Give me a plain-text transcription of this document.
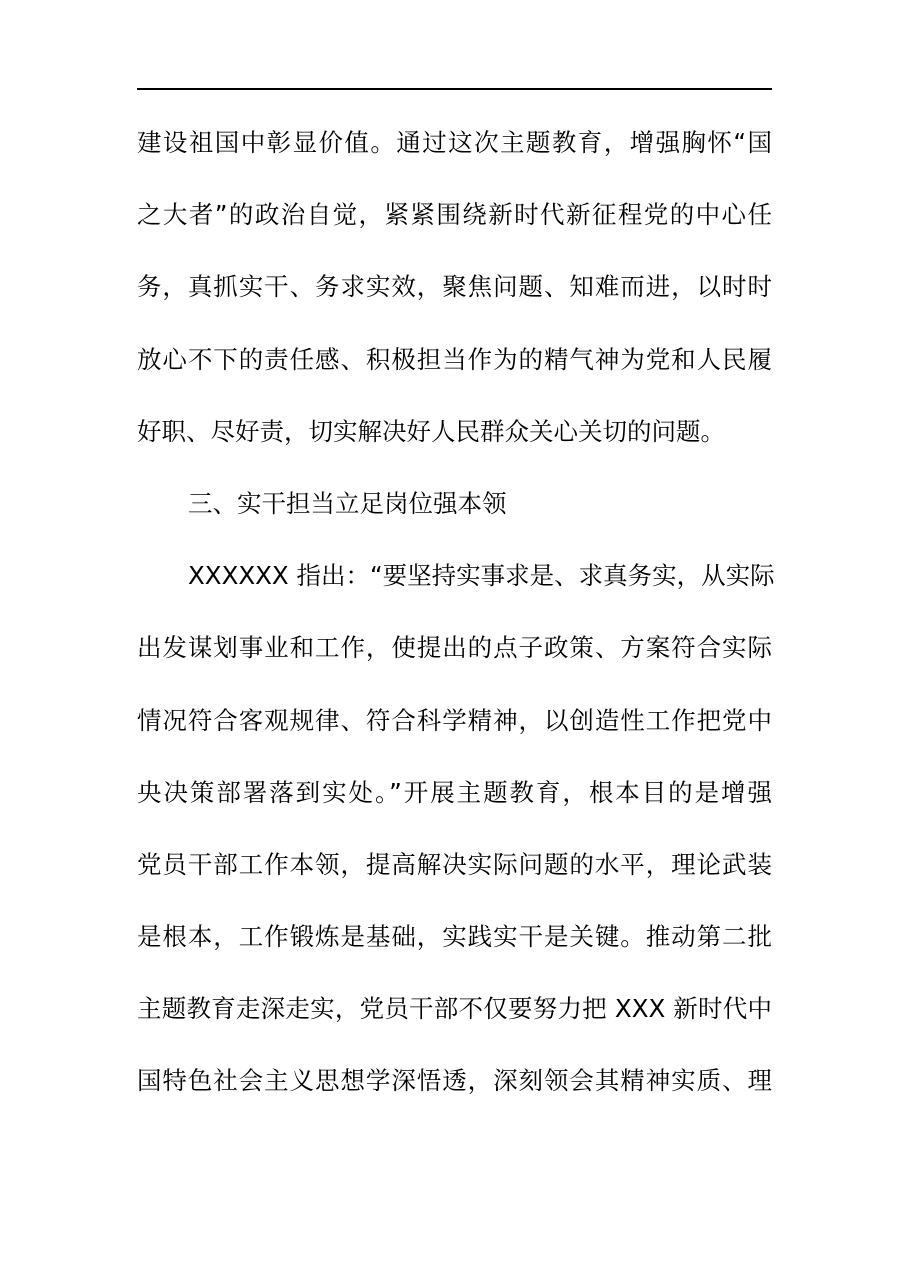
建设祖国中彰显价值。通过这次主题教育，增强胸怀“国
之大者”的政治自觉，紧紧围绕新时代新征程党的中心任
务，真抓实干、务求实效，聚焦问题、知难而进，以时时
放心不下的责任感、积极担当作为的精气神为党和人民履
好职、尽好责，切实解决好人民群众关心关切的问题。
三、实干担当立足岗位强本领
XXXXXX 指出：“要坚持实事求是、求真务实，从实际
出发谋划事业和工作，使提出的点子政策、方案符合实际
情况符合客观规律、符合科学精神，以创造性工作把党中
央决策部署落到实处。”开展主题教育，根本目的是增强
党员干部工作本领，提高解决实际问题的水平，理论武装
是根本，工作锻炼是基础，实践实干是关键。推动第二批
主题教育走深走实，党员干部不仅要努力把 XXX 新时代中
国特色社会主义思想学深悟透，深刻领会其精神实质、理
